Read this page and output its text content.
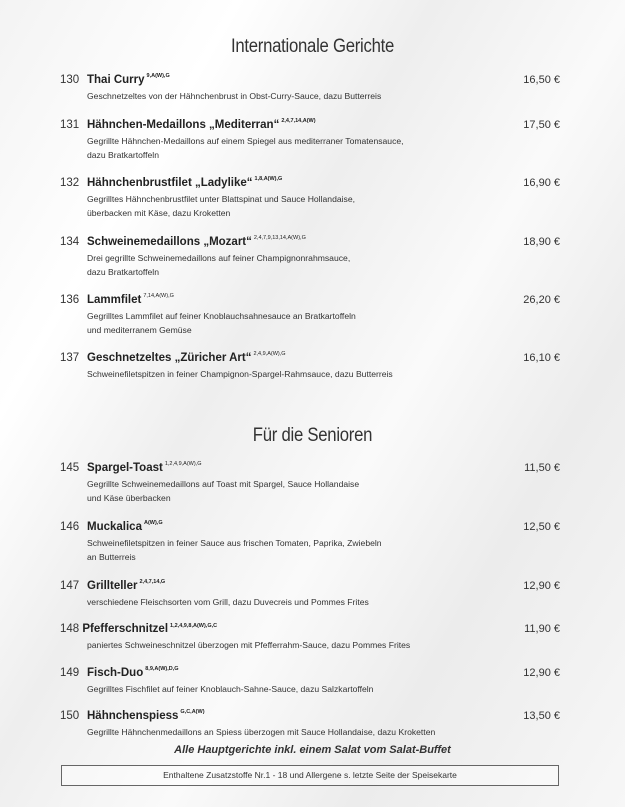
Internationale Gerichte
130 Thai Curry $^{9,A(W),G}$
Geschnetzeltes von der Hähnchenbrust in Obst-Curry-Sauce, dazu Butterreis
16,50 €
131 Hähnchen-Medaillons „Mediterran“ $^{2,4,7,14,A(W)}$
Gegrillte Hähnchen-Medaillons auf einem Spiegel aus mediterraner Tomatensauce,
dazu Bratkartoffeln
17,50 €
132 Hähnchenbrustfilet „Ladylike“ $^{1,8,A(W),G}$
Gegrilltes Hähnchenbrustfilet unter Blattspinat und Sauce Hollandaise,
überbacken mit Käse, dazu Kroketten
16,90 €
134 Schweinemedaillons „Mozart“ $^{2,4,7,9,13,14,A(W),G}$
Drei gegrillte Schweinemedaillons auf feiner Champignonrahmsauce,
dazu Bratkartoffeln
18,90 €
136 Lammfilet $^{7,14,A(W),G}$
Gegrilltes Lammfilet auf feiner Knoblauchsahnesauce an Bratkartoffeln
und mediterranem Gemüse
26,20 €
137 Geschnetzeltes „Züricher Art“ $^{2,4,9,A(W),G}$
Schweinefiletspitzen in feiner Champignon-Spargel-Rahmsauce, dazu Butterreis
16,10 €
Für die Senioren
145 Spargel-Toast $^{1,2,4,9,A(W),G}$
Gegrillte Schweinemedaillons auf Toast mit Spargel, Sauce Hollandaise
und Käse überbacken
11,50 €
146 Muckalica $^{A(W),G}$
Schweinefiletspitzen in feiner Sauce aus frischen Tomaten, Paprika, Zwiebeln
an Butterreis
12,50 €
147 Grillteller $^{2,4,7,14,G}$
verschiedene Fleischsorten vom Grill, dazu Duvecreis und Pommes Frites
12,90 €
148 Pfefferschnitzel $^{1,2,4,9,8,A(W),G,C}$
paniertes Schweineschnitzel überzogen mit Pfefferrahm-Sauce, dazu Pommes Frites
11,90 €
149 Fisch-Duo $^{8,9,A(W),D,G}$
Gegrilltes Fischfilet auf feiner Knoblauch-Sahne-Sauce, dazu Salzkartoffeln
12,90 €
150 Hähnchenspiess $^{G,C,A(W)}$
Gegrillte Hähnchenmedaillons an Spiess überzogen mit Sauce Hollandaise, dazu Kroketten
13,50 €
Alle Hauptgerichte inkl. einem Salat vom Salat-Buffet
Enthaltene Zusatzstoffe Nr.1 - 18 und Allergene s. letzte Seite der Speisekarte
